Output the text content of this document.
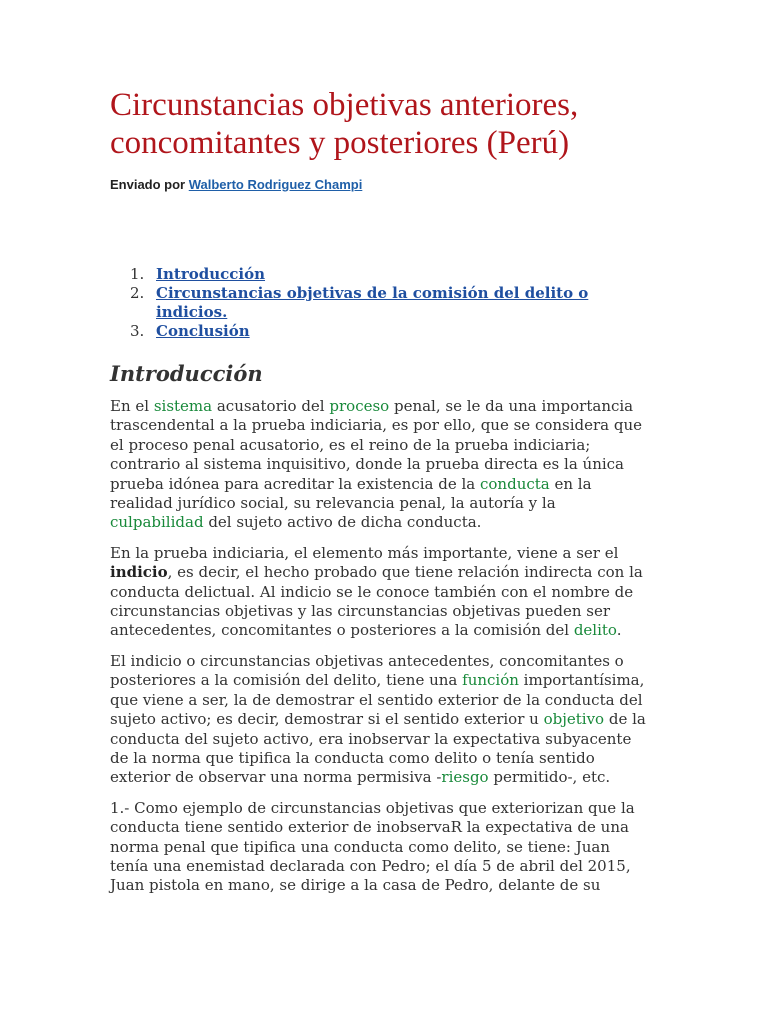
Circunstancias objetivas anteriores, concomitantes y posteriores (Perú)
Enviado por Walberto Rodriguez Champi
1. Introducción
2. Circunstancias objetivas de la comisión del delito o indicios.
3. Conclusión
Introducción

En el sistema acusatorio del proceso penal, se le da una importancia trascendental a la prueba indiciaria, es por ello, que se considera que el proceso penal acusatorio, es el reino de la prueba indiciaria; contrario al sistema inquisitivo, donde la prueba directa es la única prueba idónea para acreditar la existencia de la conducta en la realidad jurídico social, su relevancia penal, la autoría y la culpabilidad del sujeto activo de dicha conducta.

En la prueba indiciaria, el elemento más importante, viene a ser el indicio, es decir, el hecho probado que tiene relación indirecta con la conducta delictual. Al indicio se le conoce también con el nombre de circunstancias objetivas y las circunstancias objetivas pueden ser antecedentes, concomitantes o posteriores a la comisión del delito.

El indicio o circunstancias objetivas antecedentes, concomitantes o posteriores a la comisión del delito, tiene una función importantísima, que viene a ser, la de demostrar el sentido exterior de la conducta del sujeto activo; es decir, demostrar si el sentido exterior u objetivo de la conducta del sujeto activo, era inobservar la expectativa subyacente de la norma que tipifica la conducta como delito o tenía sentido exterior de observar una norma permisiva -riesgo permitido-, etc.

1.- Como ejemplo de circunstancias objetivas que exteriorizan que la conducta tiene sentido exterior de inobservaR la expectativa de una norma penal que tipifica una conducta como delito, se tiene: Juan tenía una enemistad declarada con Pedro; el día 5 de abril del 2015, Juan pistola en mano, se dirige a la casa de Pedro, delante de su
